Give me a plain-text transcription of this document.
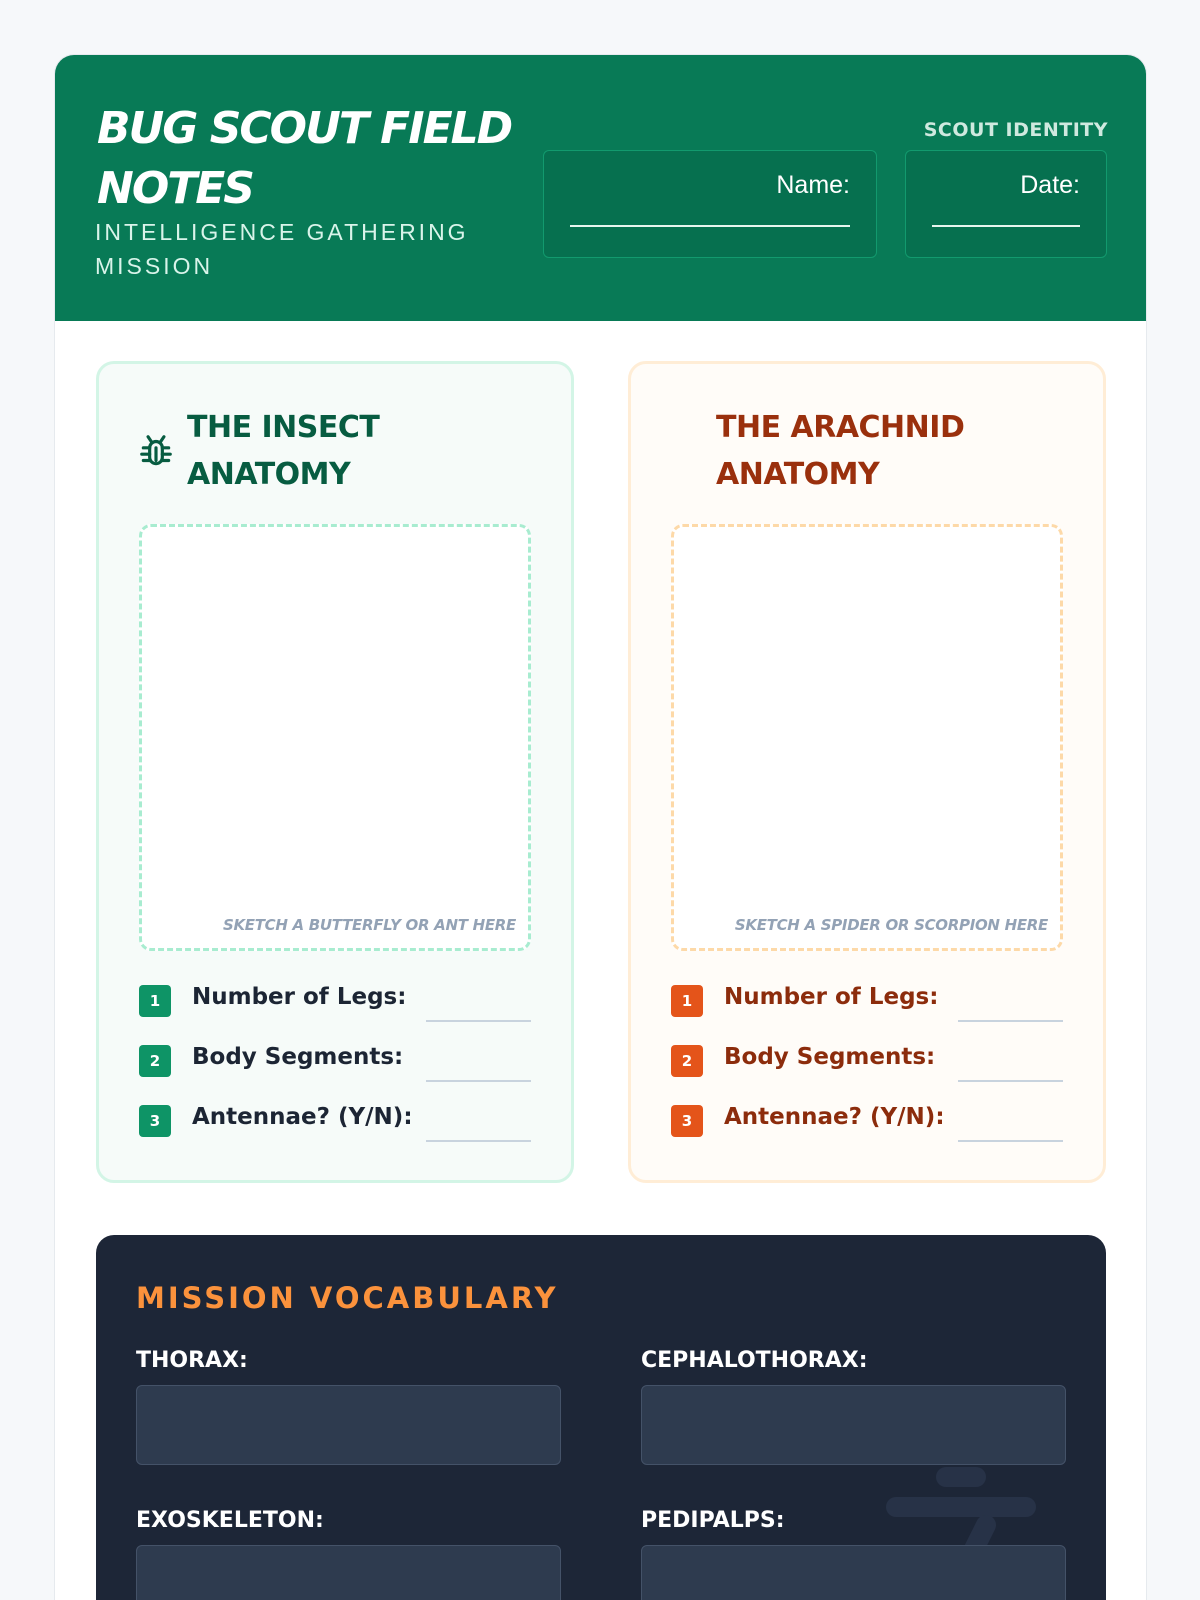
BUG SCOUT FIELD NOTES
INTELLIGENCE GATHERING MISSION
SCOUT IDENTITY
Name:	Date:
THE INSECT ANATOMY
SKETCH A BUTTERFLY OR ANT HERE
1	Number of Legs:
2	Body Segments:
3	Antennae? (Y/N):
THE ARACHNID ANATOMY
SKETCH A SPIDER OR SCORPION HERE
1	Number of Legs:
2	Body Segments:
3	Antennae? (Y/N):
MISSION VOCABULARY
THORAX:	CEPHALOTHORAX:
EXOSKELETON:	PEDIPALPS:
